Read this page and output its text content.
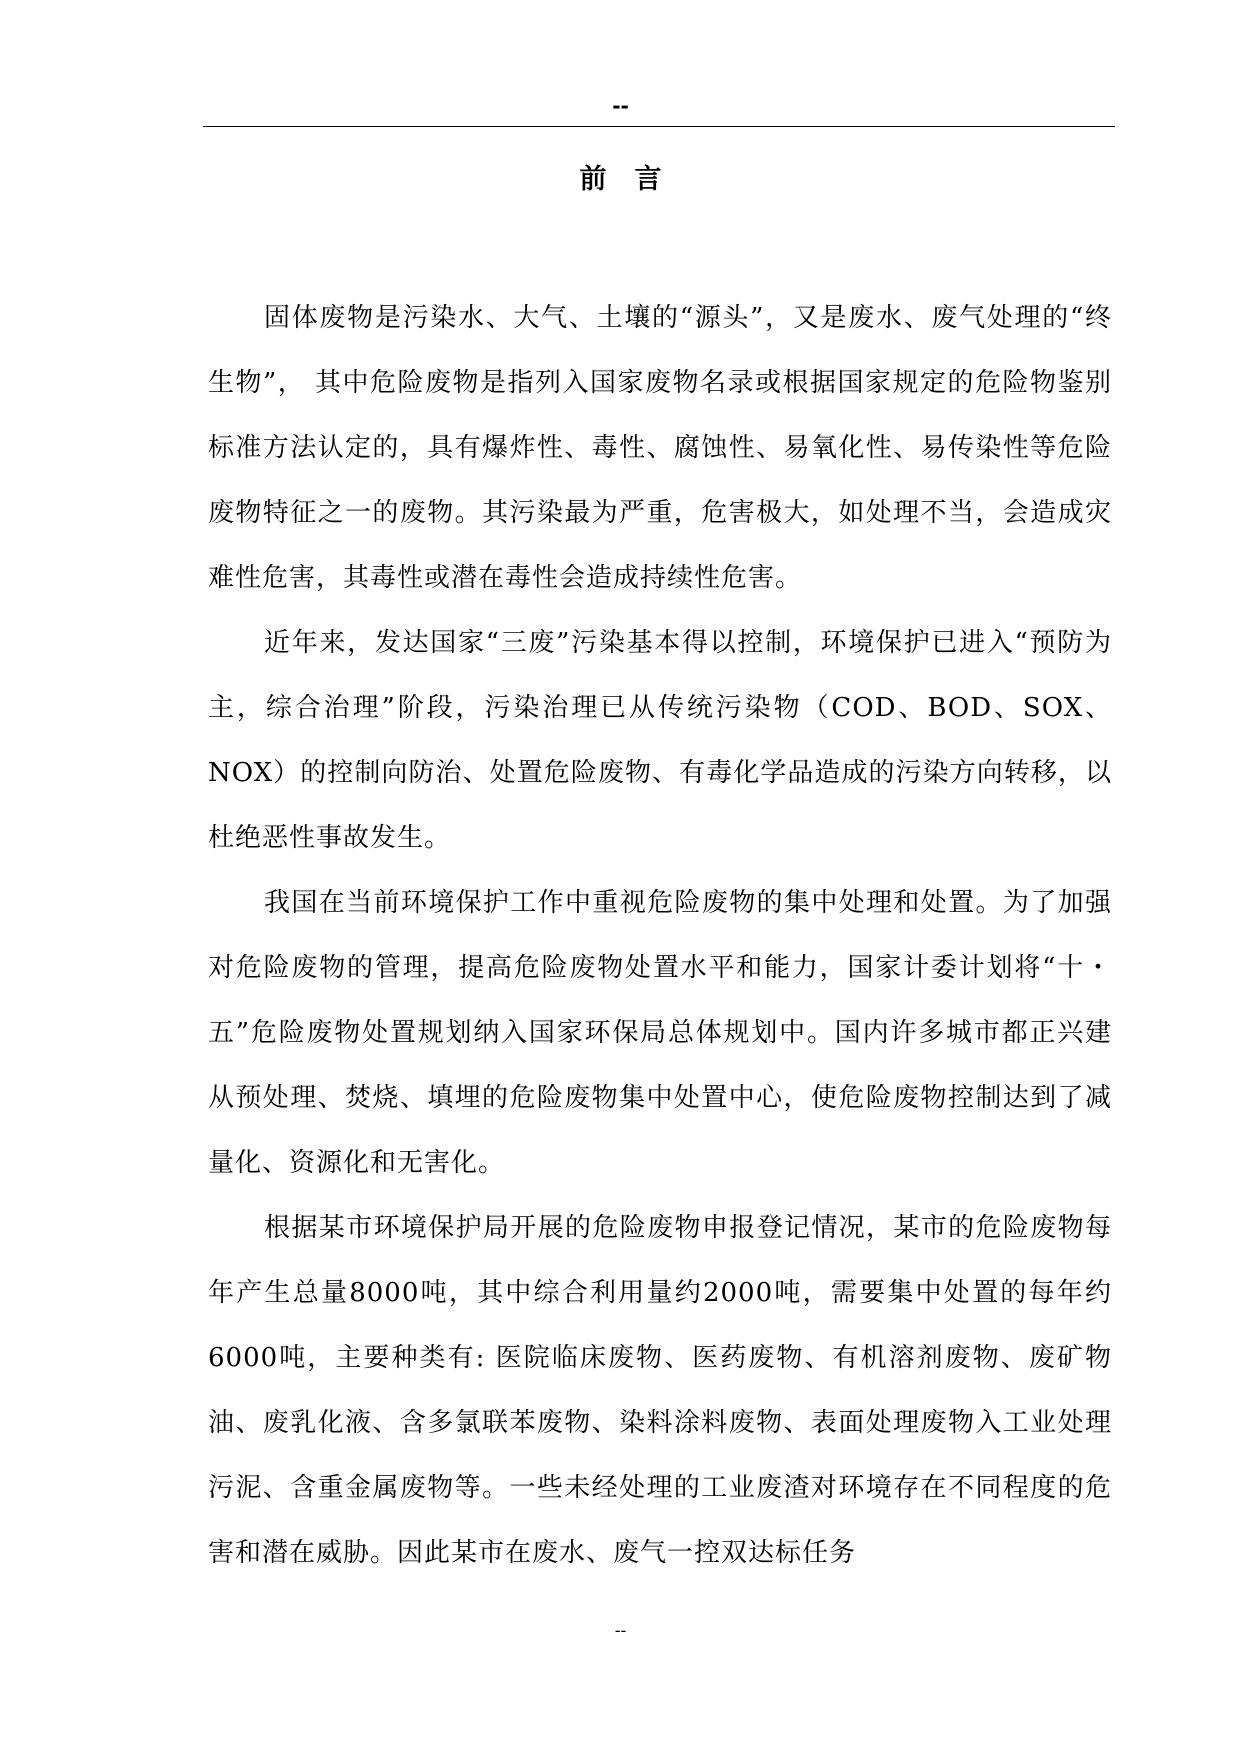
--
前言

固体废物是污染水、大气、土壤的“源头”，又是废水、废气处理的“终生物”， 其中危险废物是指列入国家废物名录或根据国家规定的危险物鉴别标准方法认定的，具有爆炸性、毒性、腐蚀性、易氧化性、易传染性等危险废物特征之一的废物。其污染最为严重，危害极大，如处理不当，会造成灾难性危害，其毒性或潜在毒性会造成持续性危害。

近年来，发达国家“三废”污染基本得以控制，环境保护已进入“预防为主，综合治理”阶段，污染治理已从传统污染物（COD、BOD、SOX、NOX）的控制向防治、处置危险废物、有毒化学品造成的污染方向转移，以杜绝恶性事故发生。

我国在当前环境保护工作中重视危险废物的集中处理和处置。为了加强对危险废物的管理，提高危险废物处置水平和能力，国家计委计划将“十・五”危险废物处置规划纳入国家环保局总体规划中。国内许多城市都正兴建从预处理、焚烧、填埋的危险废物集中处置中心，使危险废物控制达到了减量化、资源化和无害化。

根据某市环境保护局开展的危险废物申报登记情况，某市的危险废物每年产生总量8000吨，其中综合利用量约2000吨，需要集中处置的每年约6000吨，主要种类有: 医院临床废物、医药废物、有机溶剂废物、废矿物油、废乳化液、含多氯联苯废物、染料涂料废物、表面处理废物入工业处理污泥、含重金属废物等。一些未经处理的工业废渣对环境存在不同程度的危害和潜在威胁。因此某市在废水、废气一控双达标任务

--
